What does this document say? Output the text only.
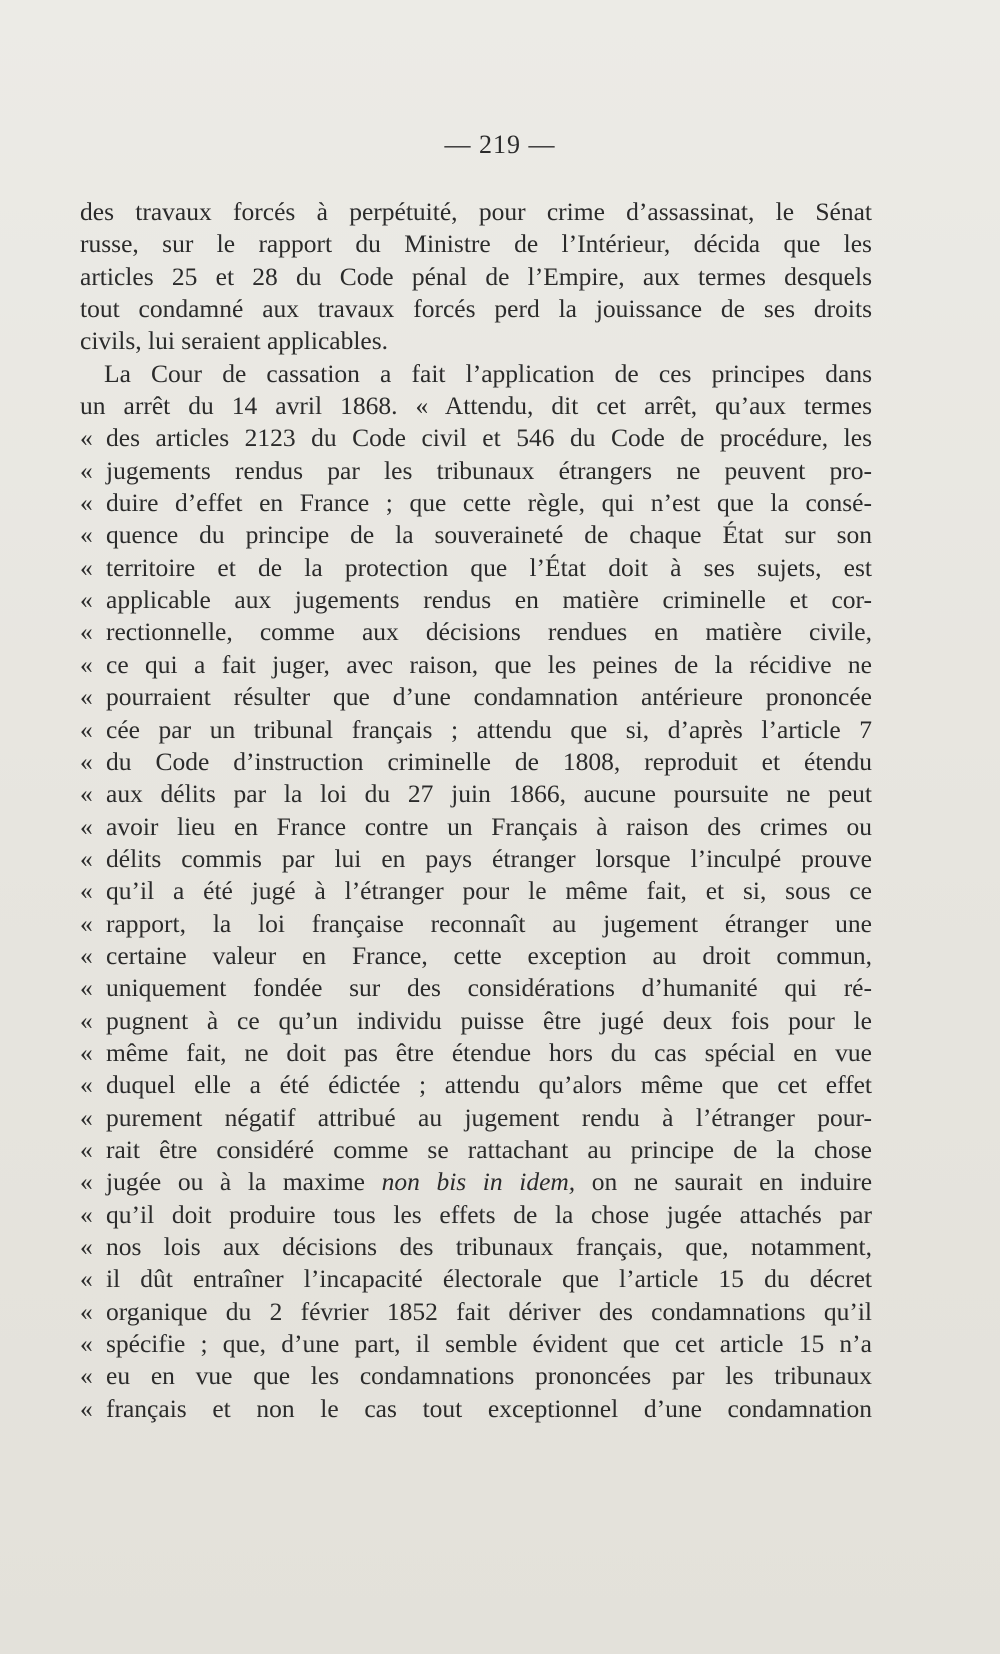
— 219 —
des travaux forcés à perpétuité, pour crime d’assassinat, le Sénat
russe, sur le rapport du Ministre de l’Intérieur, décida que les
articles 25 et 28 du Code pénal de l’Empire, aux termes desquels
tout condamné aux travaux forcés perd la jouissance de ses droits
civils, lui seraient applicables.
La Cour de cassation a fait l’application de ces principes dans
un arrêt du 14 avril 1868. « Attendu, dit cet arrêt, qu’aux termes
« des articles 2123 du Code civil et 546 du Code de procédure, les
« jugements rendus par les tribunaux étrangers ne peuvent pro-
« duire d’effet en France ; que cette règle, qui n’est que la consé-
« quence du principe de la souveraineté de chaque État sur son
« territoire et de la protection que l’État doit à ses sujets, est
« applicable aux jugements rendus en matière criminelle et cor-
« rectionnelle, comme aux décisions rendues en matière civile,
« ce qui a fait juger, avec raison, que les peines de la récidive ne
« pourraient résulter que d’une condamnation antérieure prononcée
« cée par un tribunal français ; attendu que si, d’après l’article 7
« du Code d’instruction criminelle de 1808, reproduit et étendu
« aux délits par la loi du 27 juin 1866, aucune poursuite ne peut
« avoir lieu en France contre un Français à raison des crimes ou
« délits commis par lui en pays étranger lorsque l’inculpé prouve
« qu’il a été jugé à l’étranger pour le même fait, et si, sous ce
« rapport, la loi française reconnaît au jugement étranger une
« certaine valeur en France, cette exception au droit commun,
« uniquement fondée sur des considérations d’humanité qui ré-
« pugnent à ce qu’un individu puisse être jugé deux fois pour le
« même fait, ne doit pas être étendue hors du cas spécial en vue
« duquel elle a été édictée ; attendu qu’alors même que cet effet
« purement négatif attribué au jugement rendu à l’étranger pour-
« rait être considéré comme se rattachant au principe de la chose
« jugée ou à la maxime non bis in idem, on ne saurait en induire
« qu’il doit produire tous les effets de la chose jugée attachés par
« nos lois aux décisions des tribunaux français, que, notamment,
« il dût entraîner l’incapacité électorale que l’article 15 du décret
« organique du 2 février 1852 fait dériver des condamnations qu’il
« spécifie ; que, d’une part, il semble évident que cet article 15 n’a
« eu en vue que les condamnations prononcées par les tribunaux
« français et non le cas tout exceptionnel d’une condamnation
